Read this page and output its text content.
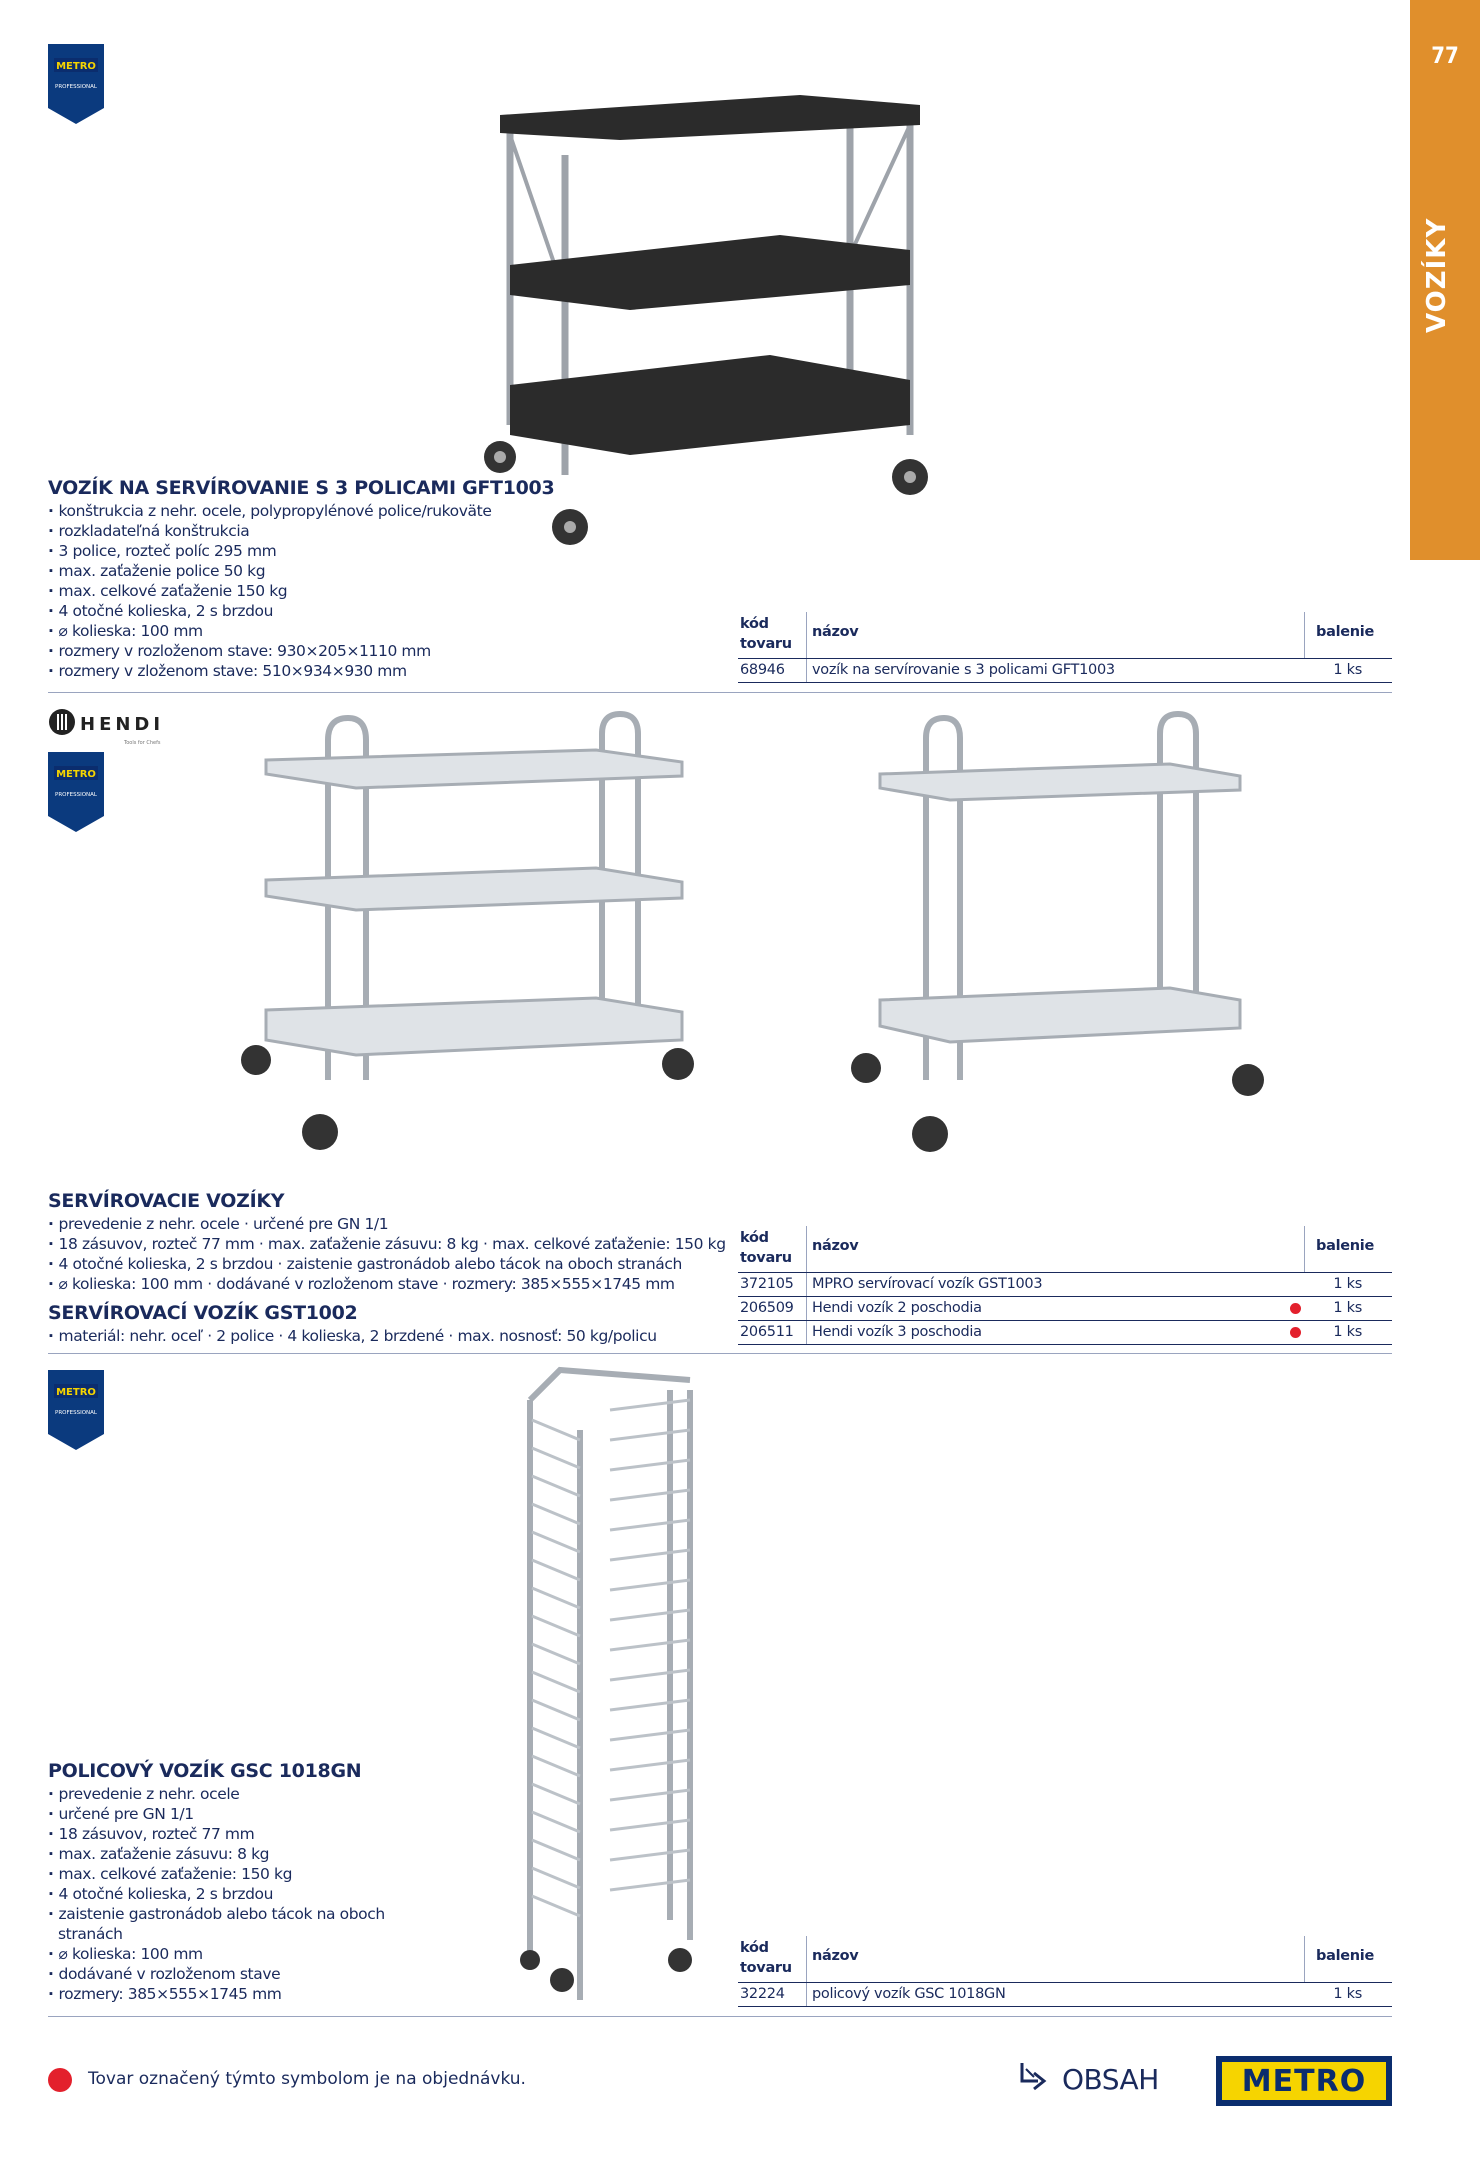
77
VOZÍKY
METRO
PROFESSIONAL
METRO
PROFESSIONAL
METRO
PROFESSIONAL
HENDI
Tools for Chefs
VOZÍK NA SERVÍROVANIE S 3 POLICAMI GFT1003
· konštrukcia z nehr. ocele, polypropylénové police/rukoväte
· rozkladateľná konštrukcia
· 3 police, rozteč políc 295 mm
· max. zaťaženie police 50 kg
· max. celkové zaťaženie 150 kg
· 4 otočné kolieska, 2 s brzdou
· ⌀ kolieska: 100 mm
· rozmery v rozloženom stave: 930×205×1110 mm
· rozmery v zloženom stave: 510×934×930 mm
kód tovaru
názov	balenie
68946 vozík na servírovanie s 3 policami GFT1003	1 ks
SERVÍROVACIE VOZÍKY
· prevedenie z nehr. ocele · určené pre GN 1/1
· 18 zásuvov, rozteč 77 mm · max. zaťaženie zásuvu: 8 kg · max. celkové zaťaženie: 150 kg
· 4 otočné kolieska, 2 s brzdou · zaistenie gastronádob alebo tácok na oboch stranách
· ⌀ kolieska: 100 mm · dodávané v rozloženom stave · rozmery: 385×555×1745 mm
SERVÍROVACÍ VOZÍK GST1002
· materiál: nehr. oceľ · 2 police · 4 kolieska, 2 brzdené · max. nosnosť: 50 kg/policu
kód tovaru
názov	balenie
372105 MPRO servírovací vozík GST1003	1 ks
206509 Hendi vozík 2 poschodia	1 ks
206511 Hendi vozík 3 poschodia	1 ks
POLICOVÝ VOZÍK GSC 1018GN
· prevedenie z nehr. ocele
· určené pre GN 1/1
· 18 zásuvov, rozteč 77 mm
· max. zaťaženie zásuvu: 8 kg
· max. celkové zaťaženie: 150 kg
· 4 otočné kolieska, 2 s brzdou
· zaistenie gastronádob alebo tácok na oboch
stranách
· ⌀ kolieska: 100 mm
· dodávané v rozloženom stave
· rozmery: 385×555×1745 mm
kód tovaru
názov	balenie
32224 policový vozík GSC 1018GN	1 ks
Tovar označený týmto symbolom je na objednávku.	OBSAH	METRO
